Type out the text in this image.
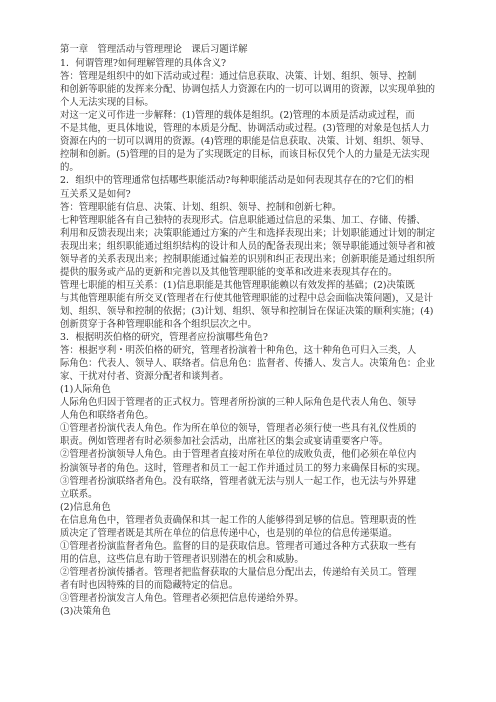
第一章　管理活动与管理理论　课后习题详解
1．何谓管理?如何理解管理的具体含义?
答：管理是组织中的如下活动或过程：通过信息获取、决策、计划、组织、领导、控制
和创新等职能的发挥来分配、协调包括人力资源在内的一切可以调用的资源，以实现单独的
个人无法实现的目标。
对这一定义可作进一步解释：(1)管理的载体是组织。(2)管理的本质是活动或过程，而
不是其他，更具体地说，管理的本质是分配、协调活动或过程。(3)管理的对象是包括人力
资源在内的一切可以调用的资源。(4)管理的职能是信息获取、决策、计划、组织、领导、
控制和创新。(5)管理的目的是为了实现既定的目标，而该目标仅凭个人的力量是无法实现
的。
2．组织中的管理通常包括哪些职能活动?每种职能活动是如何表现其存在的?它们的相
互关系又是如何?
答：管理职能有信息、决策、计划、组织、领导、控制和创新七种。
七种管理职能各有自己独特的表现形式。信息职能通过信息的采集、加工、存储、传播、
利用和反馈表现出来；决策职能通过方案的产生和选择表现出来；计划职能通过计划的制定
表现出来；组织职能通过组织结构的设计和人员的配备表现出来；领导职能通过领导者和被
领导者的关系表现出来；控制职能通过偏差的识别和纠正表现出来；创新职能是通过组织所
提供的服务或产品的更新和完善以及其他管理职能的变革和改进来表现其存在的。
管理七职能的相互关系：(1)信息职能是其他管理职能赖以有效发挥的基础；(2)决策既
与其他管理职能有所交叉(管理者在行使其他管理职能的过程中总会面临决策问题)，又是计
划、组织、领导和控制的依据；(3)计划、组织、领导和控制旨在保证决策的顺利实施；(4)
创新贯穿于各种管理职能和各个组织层次之中。
3．根据明茨伯格的研究，管理者应扮演哪些角色?
答：根据亨利・明茨伯格的研究，管理者扮演着十种角色，这十种角色可归入三类，人
际角色：代表人、领导人、联络者。信息角色：监督者、传播人、发言人。决策角色：企业
家、干扰对付者、资源分配者和谈判者。
(1)人际角色
人际角色归因于管理者的正式权力。管理者所扮演的三种人际角色是代表人角色、领导
人角色和联络者角色。
①管理者扮演代表人角色。作为所在单位的领导，管理者必须行使一些具有礼仪性质的
职责。例如管理者有时必须参加社会活动，出席社区的集会或宴请重要客户等。
②管理者扮演领导人角色。由于管理者直接对所在单位的成败负责，他们必须在单位内
扮演领导者的角色。这时，管理者和员工一起工作并通过员工的努力来确保目标的实现。
③管理者扮演联络者角色。没有联络，管理者就无法与别人一起工作，也无法与外界建
立联系。
(2)信息角色
在信息角色中，管理者负责确保和其一起工作的人能够得到足够的信息。管理职责的性
质决定了管理者既是其所在单位的信息传递中心，也是别的单位的信息传递渠道。
①管理者扮演监督者角色。监督的目的是获取信息。管理者可通过各种方式获取一些有
用的信息，这些信息有助于管理者识别潜在的机会和威胁。
②管理者扮演传播者。管理者把监督获取的大量信息分配出去，传递给有关员工。管理
者有时也因特殊的目的而隐藏特定的信息。
③管理者扮演发言人角色。管理者必须把信息传递给外界。
(3)决策角色
